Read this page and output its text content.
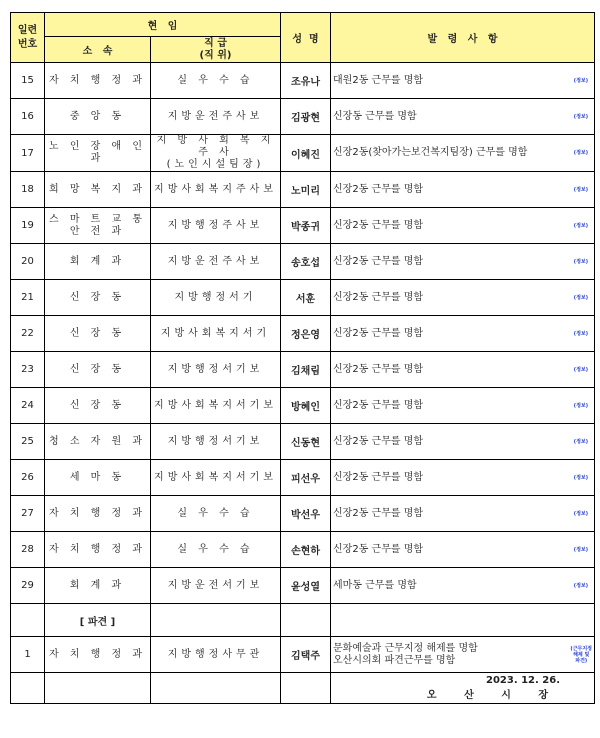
일련
번호	현   임		성  명	발   령   사   항
	소   속	직 급
(직 위)		
15	자 치 행 정 과	실 우 수 습	조유나	대원2동 근무를 명함 (정보)

16	중 앙 동	지방운전주사보	김광현	신장동 근무를 명함 (정보)

17	노 인 장 애 인 과	지 방 사 회 복 지 주 사
(노인시설팀장)	이혜진	신장2동(찾아가는보건복지팀장) 근무를 명함 (정보)

18	희 망 복 지 과	지방사회복지주사보	노미리	신장2동 근무를 명함 (정보)

19	스 마 트 교 통 안 전 과	지방행정주사보	박종귀	신장2동 근무를 명함 (정보)

20	회 계 과	지방운전주사보	송호섭	신장2동 근무를 명함 (정보)

21	신 장 동	지방행정서기	서훈	신장2동 근무를 명함 (정보)

22	신 장 동	지방사회복지서기	정은영	신장2동 근무를 명함 (정보)

23	신 장 동	지방행정서기보	김채림	신장2동 근무를 명함 (정보)

24	신 장 동	지방사회복지서기보	방혜인	신장2동 근무를 명함 (정보)

25	청 소 자 원 과	지방행정서기보	신동현	신장2동 근무를 명함 (정보)

26	세 마 동	지방사회복지서기보	피선우	신장2동 근무를 명함 (정보)

27	자 치 행 정 과	실 우 수 습	박선우	신장2동 근무를 명함 (정보)

28	자 치 행 정 과	실 우 수 습	손현하	신장2동 근무를 명함 (정보)

29	회 계 과	지방운전서기보	윤성열	세마동 근무를 명함 (정보)

	[ 파견 ]			
1	자 치 행 정 과	지방행정사무관	김택주	문화예술과 근무지정 해제를 명함
오산시의회 파견근무를 명함
(근무지정
해제 및
파견)

				2023. 12. 26.
오 산 시 장
